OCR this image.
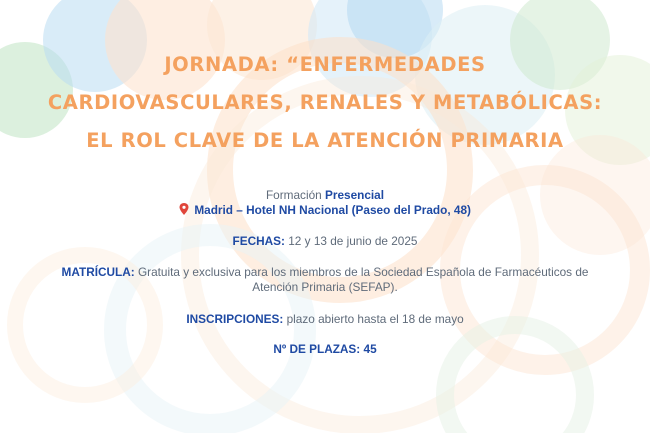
JORNADA: “ENFERMEDADES CARDIOVASCULARES, RENALES Y METABÓLICAS: EL ROL CLAVE DE LA ATENCIÓN PRIMARIA
Formación Presencial
Madrid – Hotel NH Nacional (Paseo del Prado, 48)
FECHAS: 12 y 13 de junio de 2025
MATRÍCULA: Gratuita y exclusiva para los miembros de la Sociedad Española de Farmacéuticos de Atención Primaria (SEFAP).
INSCRIPCIONES: plazo abierto hasta el 18 de mayo
Nº DE PLAZAS: 45
